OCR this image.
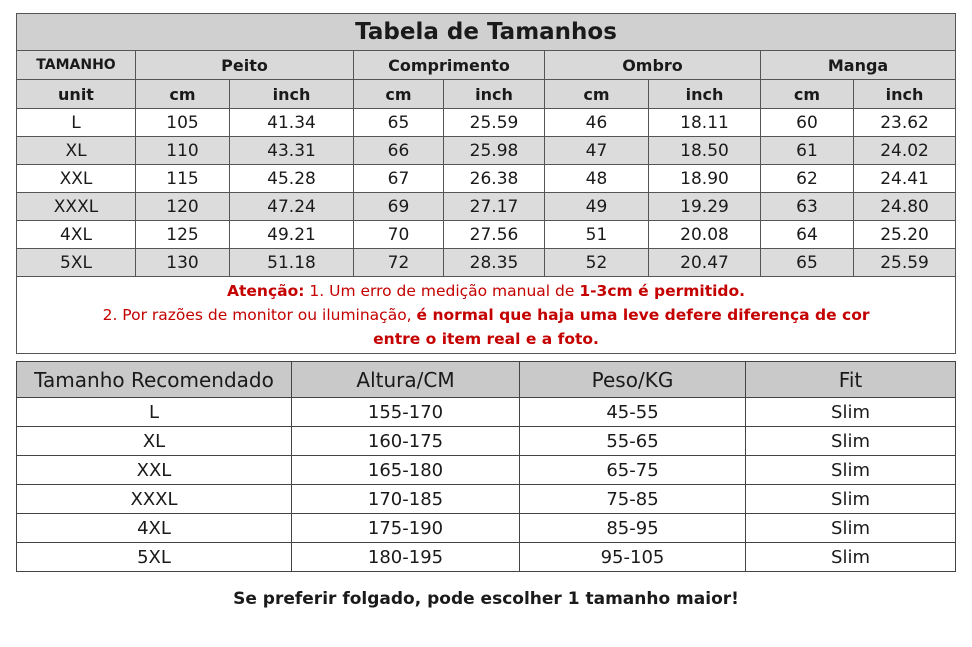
Tabela de Tamanhos								
TAMANHO	Peito		Comprimento		Ombro		Manga	
unit	cm	inch	cm	inch	cm	inch	cm	inch
L	105	41.34	65	25.59	46	18.11	60	23.62
XL	110	43.31	66	25.98	47	18.50	61	24.02
XXL	115	45.28	67	26.38	48	18.90	62	24.41
XXXL	120	47.24	69	27.17	49	19.29	63	24.80
4XL	125	49.21	70	27.56	51	20.08	64	25.20
5XL	130	51.18	72	28.35	52	20.47	65	25.59

Atenção: 1. Um erro de medição manual de 1-3cm é permitido.
2. Por razões de monitor ou iluminação, é normal que haja uma leve defere diferença de cor
entre o item real e a foto.								
Tamanho Recomendado	Altura/CM	Peso/KG	Fit
L	155-170	45-55	Slim
XL	160-175	55-65	Slim
XXL	165-180	65-75	Slim
XXXL	170-185	75-85	Slim
4XL	175-190	85-95	Slim
5XL	180-195	95-105	Slim
Se preferir folgado, pode escolher 1 tamanho maior!
